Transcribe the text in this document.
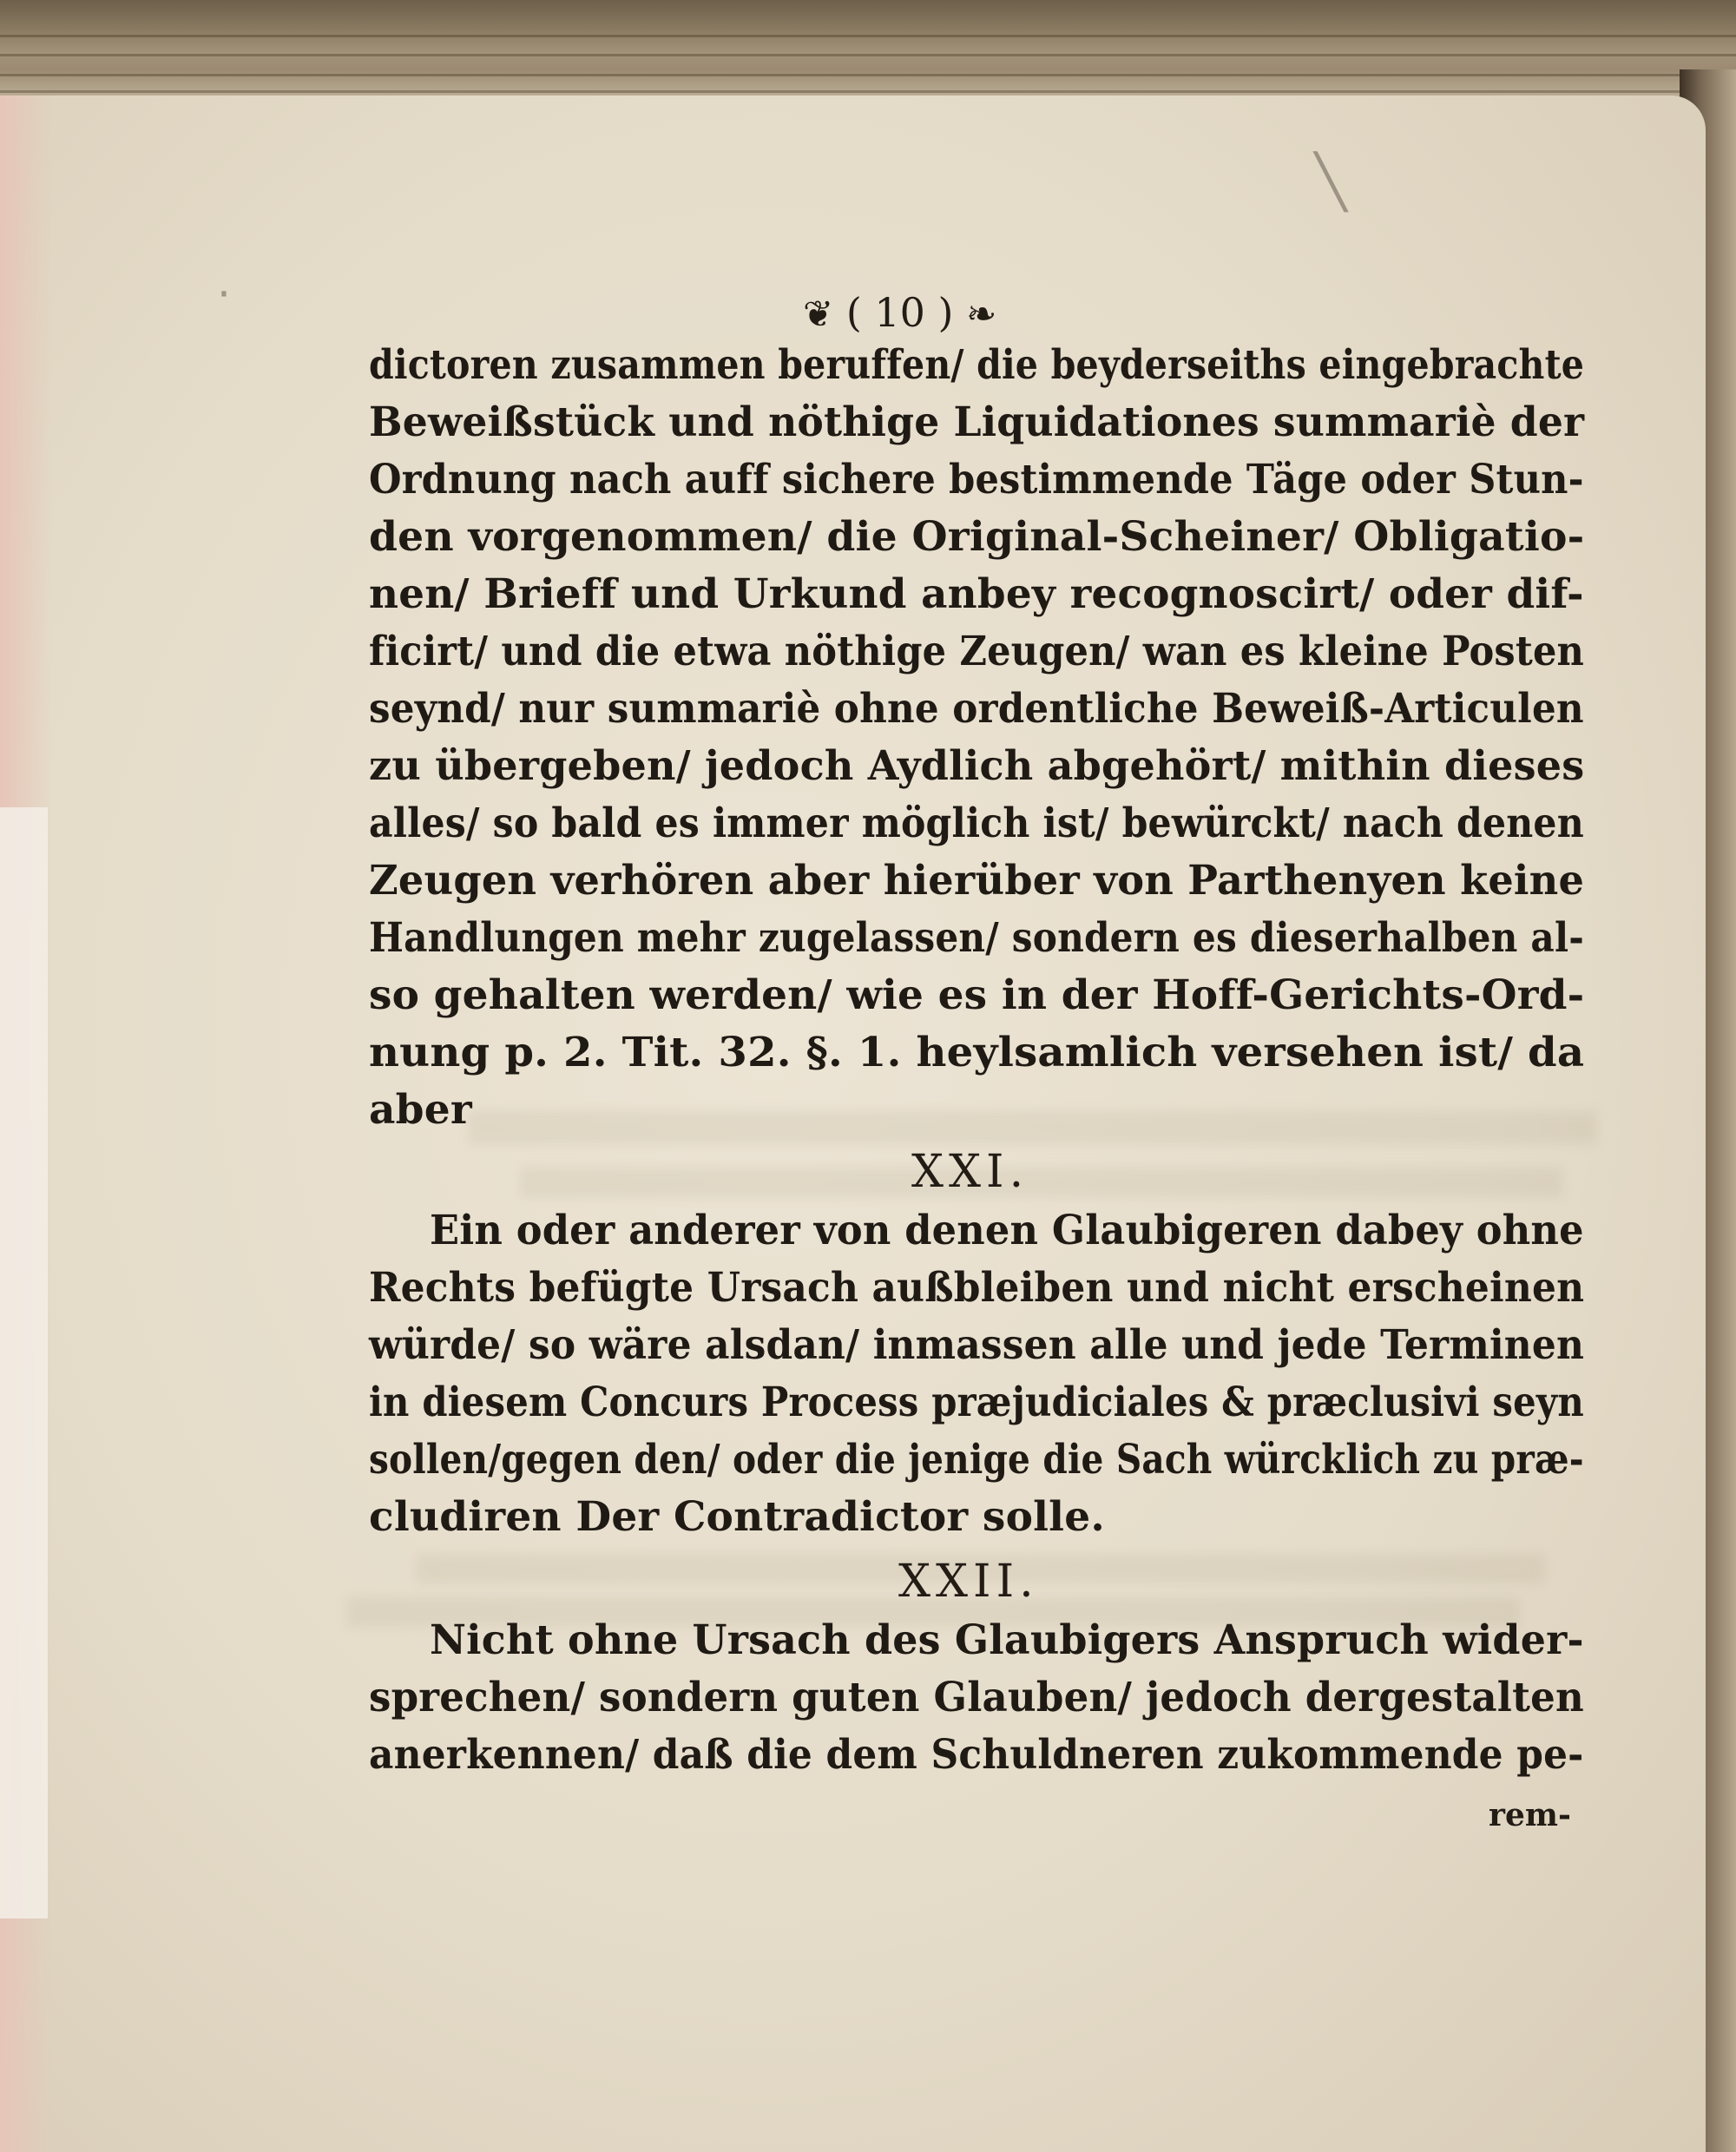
╲
·	❦ ( 10 ) ❧
dictoren zusammen beruffen/ die beyderseiths eingebrachte
Beweißstück und nöthige Liquidationes summariè der
Ordnung nach auff sichere bestimmende Täge oder Stun-
den vorgenommen/ die Original-Scheiner/ Obligatio-
nen/ Brieff und Urkund anbey recognoscirt/ oder dif-
ficirt/ und die etwa nöthige Zeugen/ wan es kleine Posten
seynd/ nur summariè ohne ordentliche Beweiß-Articulen
zu übergeben/ jedoch Aydlich abgehört/ mithin dieses
alles/ so bald es immer möglich ist/ bewürckt/ nach denen
Zeugen verhören aber hierüber von Parthenyen keine
Handlungen mehr zugelassen/ sondern es dieserhalben al-
so gehalten werden/ wie es in der Hoff-Gerichts-Ord-
nung p. 2. Tit. 32. §. 1. heylsamlich versehen ist/ da
aber
XXI.
Ein oder anderer von denen Glaubigeren dabey ohne
Rechts befügte Ursach außbleiben und nicht erscheinen
würde/ so wäre alsdan/ inmassen alle und jede Terminen
in diesem Concurs Process præjudiciales & præclusivi seyn
sollen/gegen den/ oder die jenige die Sach würcklich zu præ-
cludiren Der Contradictor solle.
XXII.
Nicht ohne Ursach des Glaubigers Anspruch wider-
sprechen/ sondern guten Glauben/ jedoch dergestalten
anerkennen/ daß die dem Schuldneren zukommende pe-
rem-
